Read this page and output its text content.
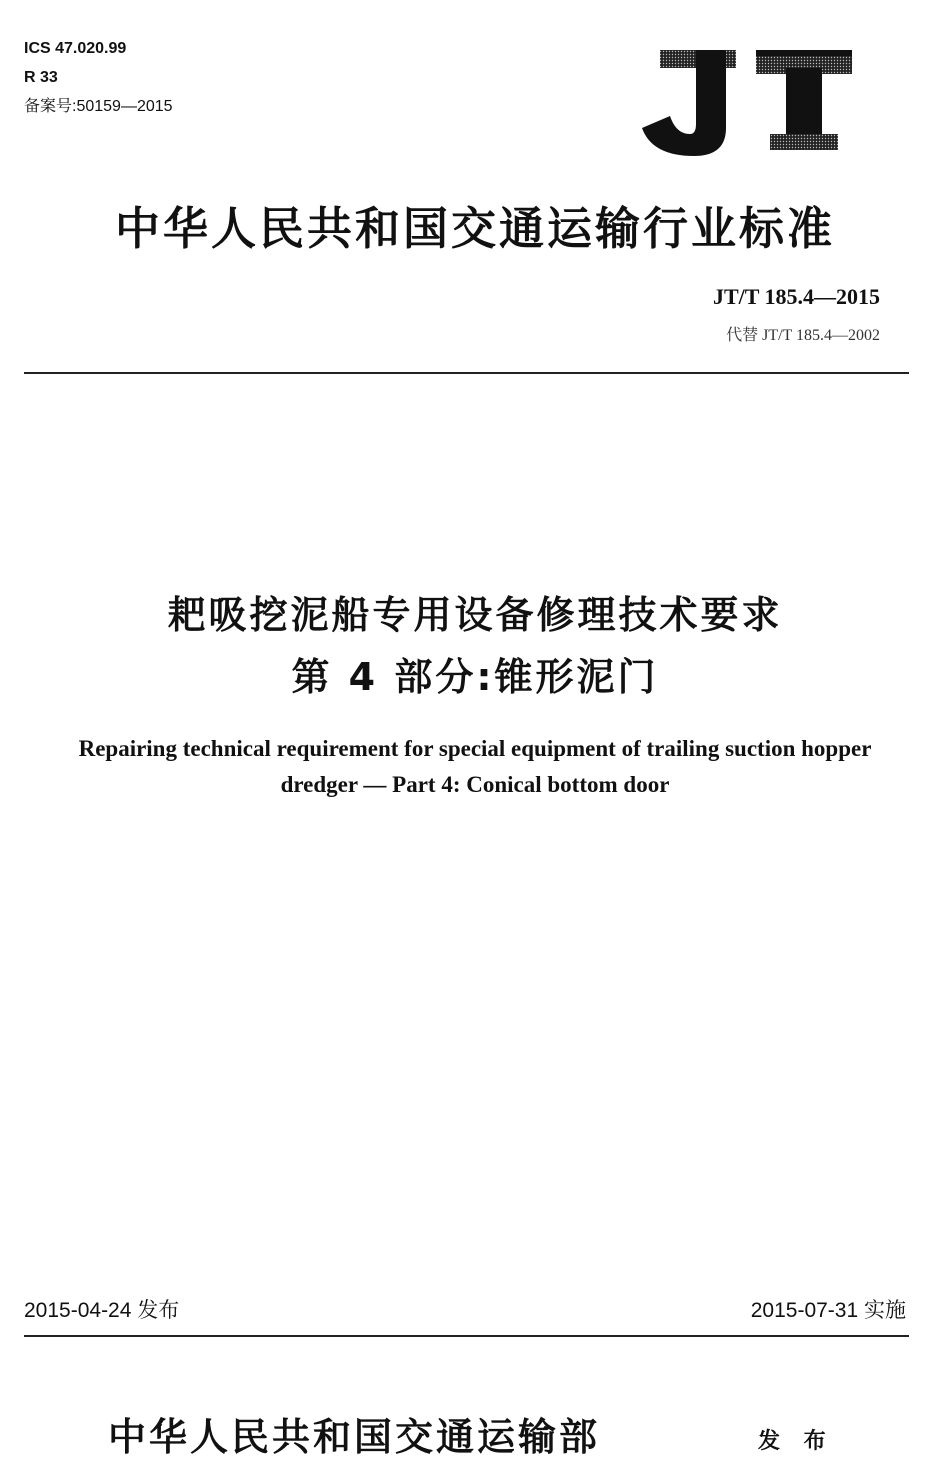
ICS 47.020.99
R 33
备案号:50159—2015
中华人民共和国交通运输行业标准
JT/T 185.4—2015
代替 JT/T 185.4—2002
耙吸挖泥船专用设备修理技术要求
第 4 部分:锥形泥门
Repairing technical requirement for special equipment of trailing suction hopper
dredger — Part 4: Conical bottom door
2015-04-24 发布	2015-07-31 实施
中华人民共和国交通运输部	发 布
